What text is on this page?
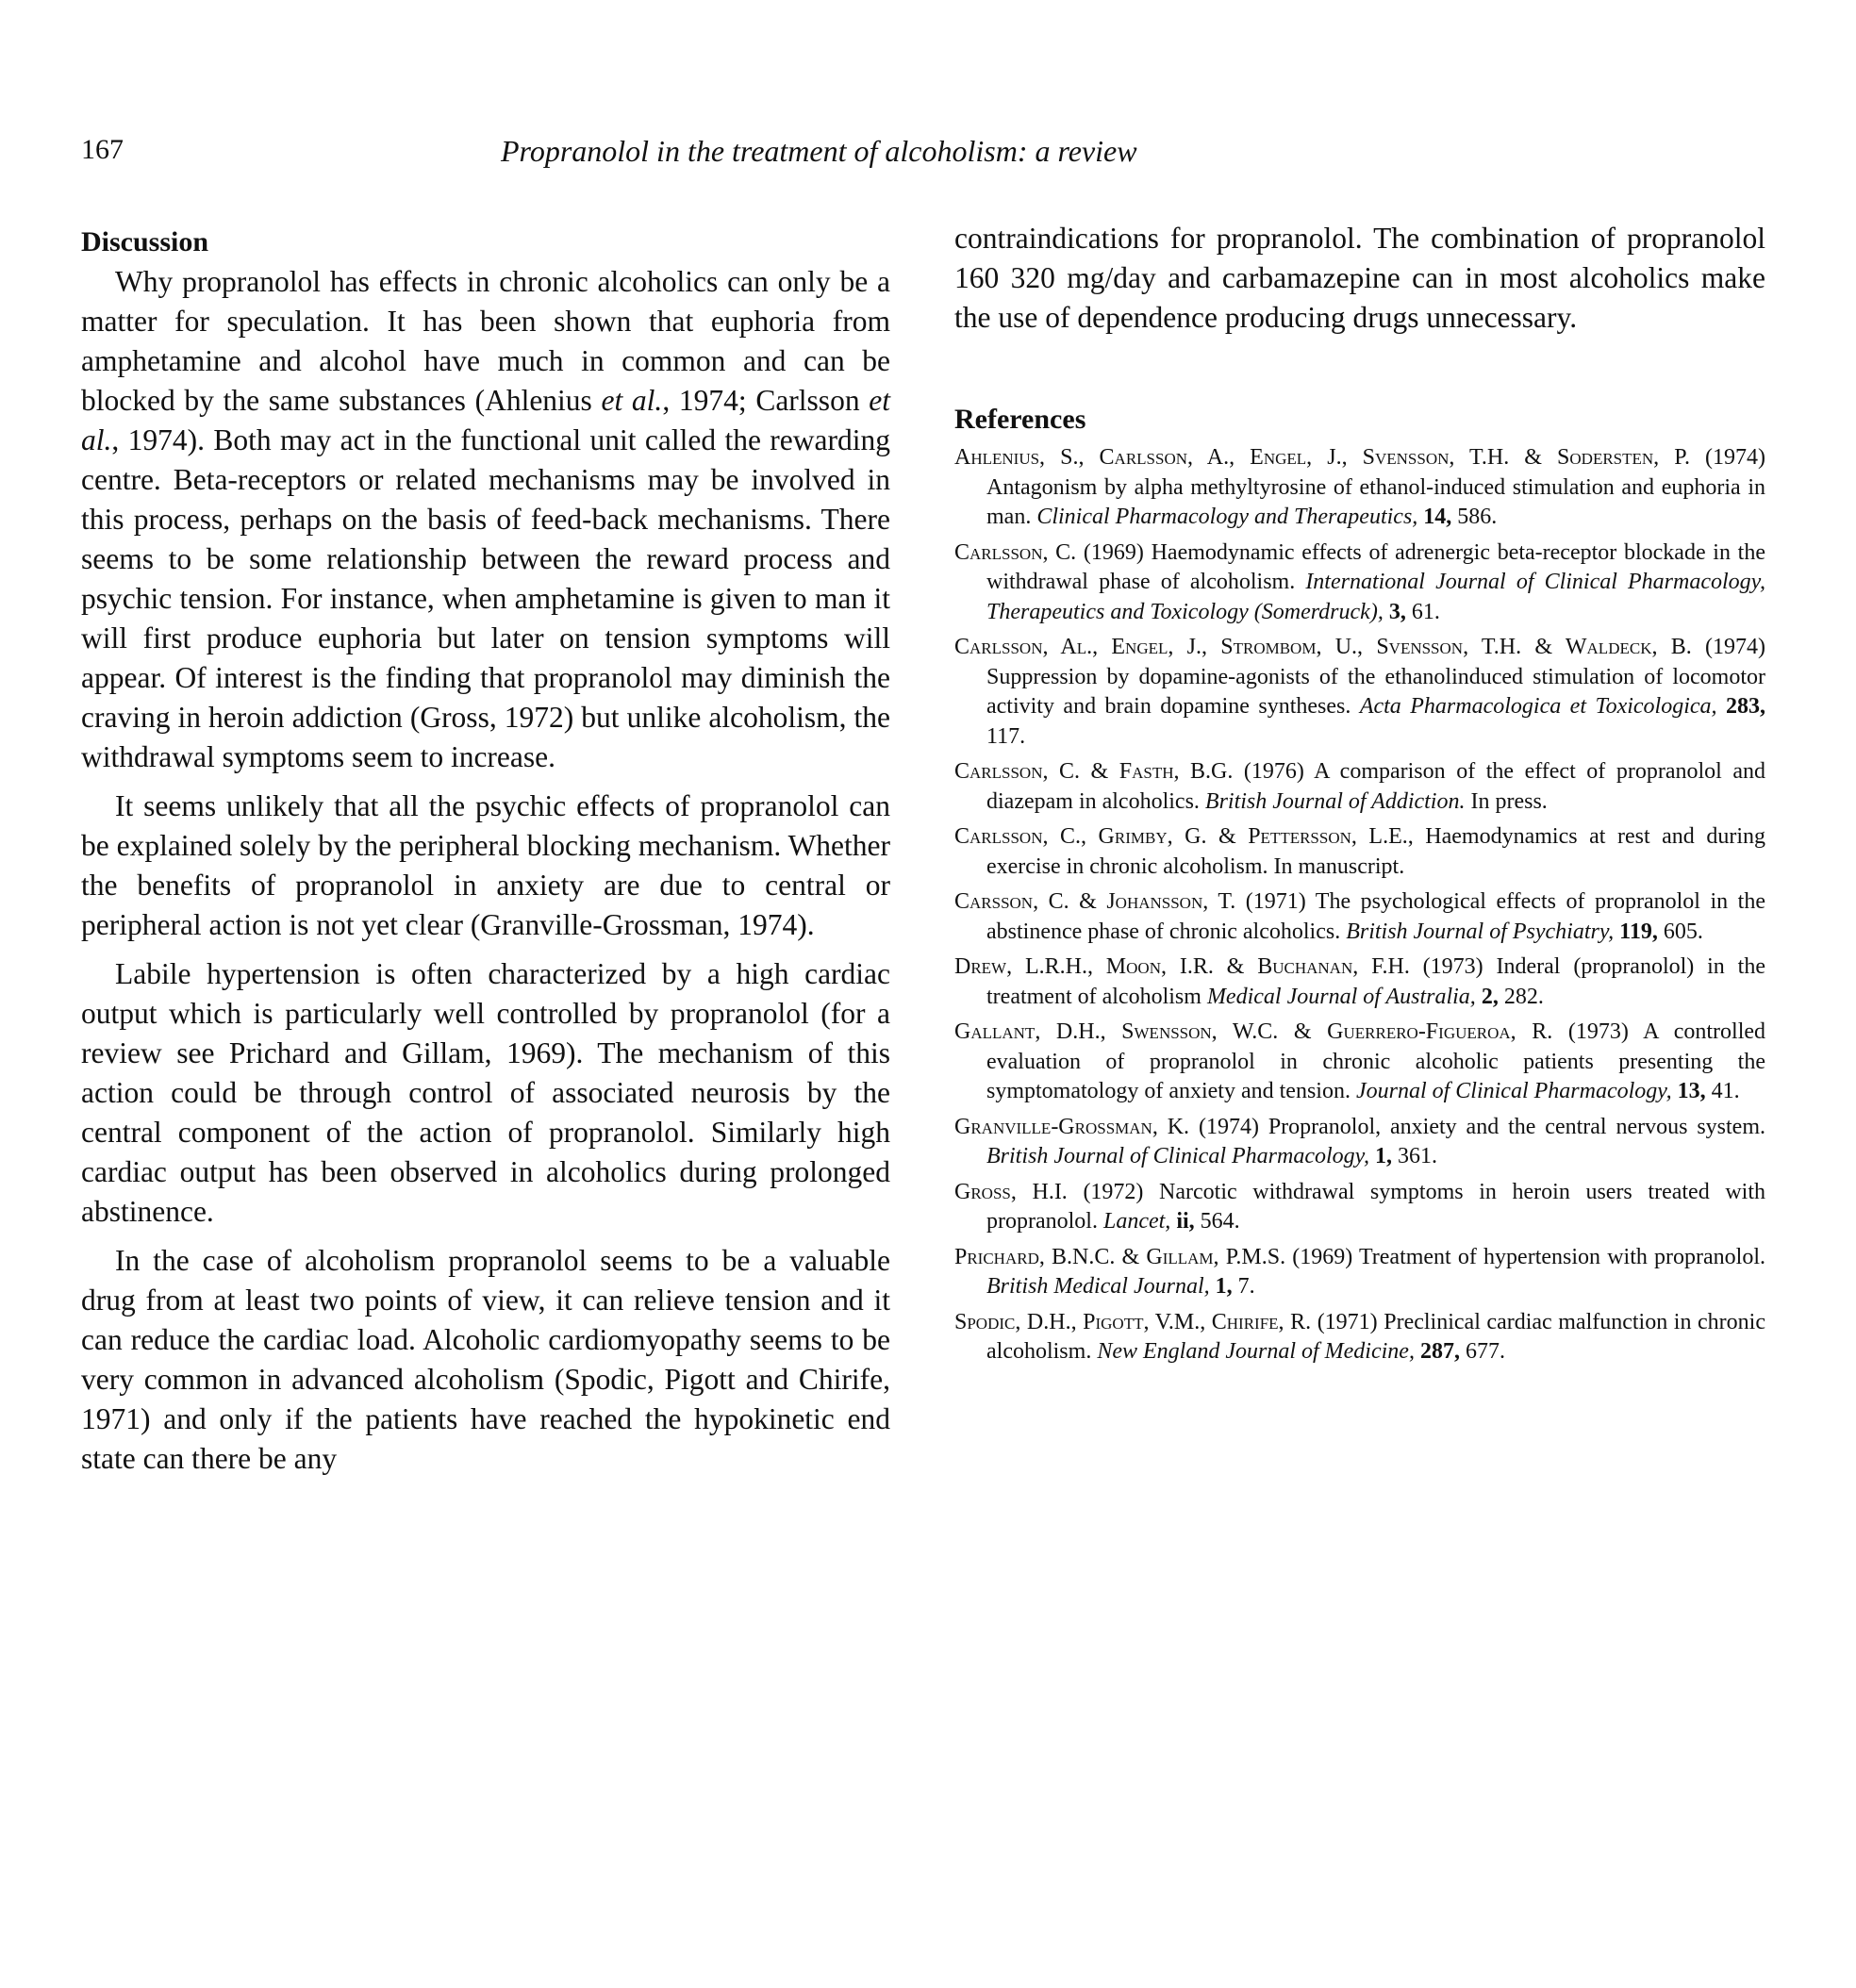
167	Propranolol in the treatment of alcoholism: a review
Discussion

Why propranolol has effects in chronic alcoholics can only be a matter for speculation. It has been shown that euphoria from amphetamine and alcohol have much in common and can be blocked by the same substances (Ahlenius et al., 1974; Carlsson et al., 1974). Both may act in the functional unit called the rewarding centre. Beta-receptors or related mechanisms may be involved in this process, perhaps on the basis of feed-back mechanisms. There seems to be some relationship between the reward process and psychic tension. For instance, when amphetamine is given to man it will first produce euphoria but later on tension symptoms will appear. Of interest is the finding that propranolol may diminish the craving in heroin addiction (Gross, 1972) but unlike alcoholism, the withdrawal symptoms seem to increase.

It seems unlikely that all the psychic effects of propranolol can be explained solely by the peripheral blocking mechanism. Whether the benefits of propranolol in anxiety are due to central or peripheral action is not yet clear (Granville-Grossman, 1974).

Labile hypertension is often characterized by a high cardiac output which is particularly well controlled by propranolol (for a review see Prichard and Gillam, 1969). The mechanism of this action could be through control of associated neurosis by the central component of the action of propranolol. Similarly high cardiac output has been observed in alcoholics during prolonged abstinence.

In the case of alcoholism propranolol seems to be a valuable drug from at least two points of view, it can relieve tension and it can reduce the cardiac load. Alcoholic cardiomyopathy seems to be very common in advanced alcoholism (Spodic, Pigott and Chirife, 1971) and only if the patients have reached the hypokinetic end state can there be any

contraindications for propranolol. The combination of propranolol 160 320 mg/day and carbamazepine can in most alcoholics make the use of dependence producing drugs unnecessary.

References
Ahlenius, S., Carlsson, A., Engel, J., Svensson, T.H. & Sodersten, P. (1974) Antagonism by alpha methyltyrosine of ethanol-induced stimulation and euphoria in man. Clinical Pharmacology and Therapeutics, 14, 586.
Carlsson, C. (1969) Haemodynamic effects of adrenergic beta-receptor blockade in the withdrawal phase of alcoholism. International Journal of Clinical Pharmacology, Therapeutics and Toxicology (Somerdruck), 3, 61.
Carlsson, Al., Engel, J., Strombom, U., Svensson, T.H. & Waldeck, B. (1974) Suppression by dopamine-agonists of the ethanolinduced stimulation of locomotor activity and brain dopamine syntheses. Acta Pharmacologica et Toxicologica, 283, 117.
Carlsson, C. & Fasth, B.G. (1976) A comparison of the effect of propranolol and diazepam in alcoholics. British Journal of Addiction. In press.
Carlsson, C., Grimby, G. & Pettersson, L.E., Haemodynamics at rest and during exercise in chronic alcoholism. In manuscript.
Carsson, C. & Johansson, T. (1971) The psychological effects of propranolol in the abstinence phase of chronic alcoholics. British Journal of Psychiatry, 119, 605.
Drew, L.R.H., Moon, I.R. & Buchanan, F.H. (1973) Inderal (propranolol) in the treatment of alcoholism Medical Journal of Australia, 2, 282.
Gallant, D.H., Swensson, W.C. & Guerrero-Figueroa, R. (1973) A controlled evaluation of propranolol in chronic alcoholic patients presenting the symptomatology of anxiety and tension. Journal of Clinical Pharmacology, 13, 41.
Granville-Grossman, K. (1974) Propranolol, anxiety and the central nervous system. British Journal of Clinical Pharmacology, 1, 361.
Gross, H.I. (1972) Narcotic withdrawal symptoms in heroin users treated with propranolol. Lancet, ii, 564.
Prichard, B.N.C. & Gillam, P.M.S. (1969) Treatment of hypertension with propranolol. British Medical Journal, 1, 7.
Spodic, D.H., Pigott, V.M., Chirife, R. (1971) Preclinical cardiac malfunction in chronic alcoholism. New England Journal of Medicine, 287, 677.
